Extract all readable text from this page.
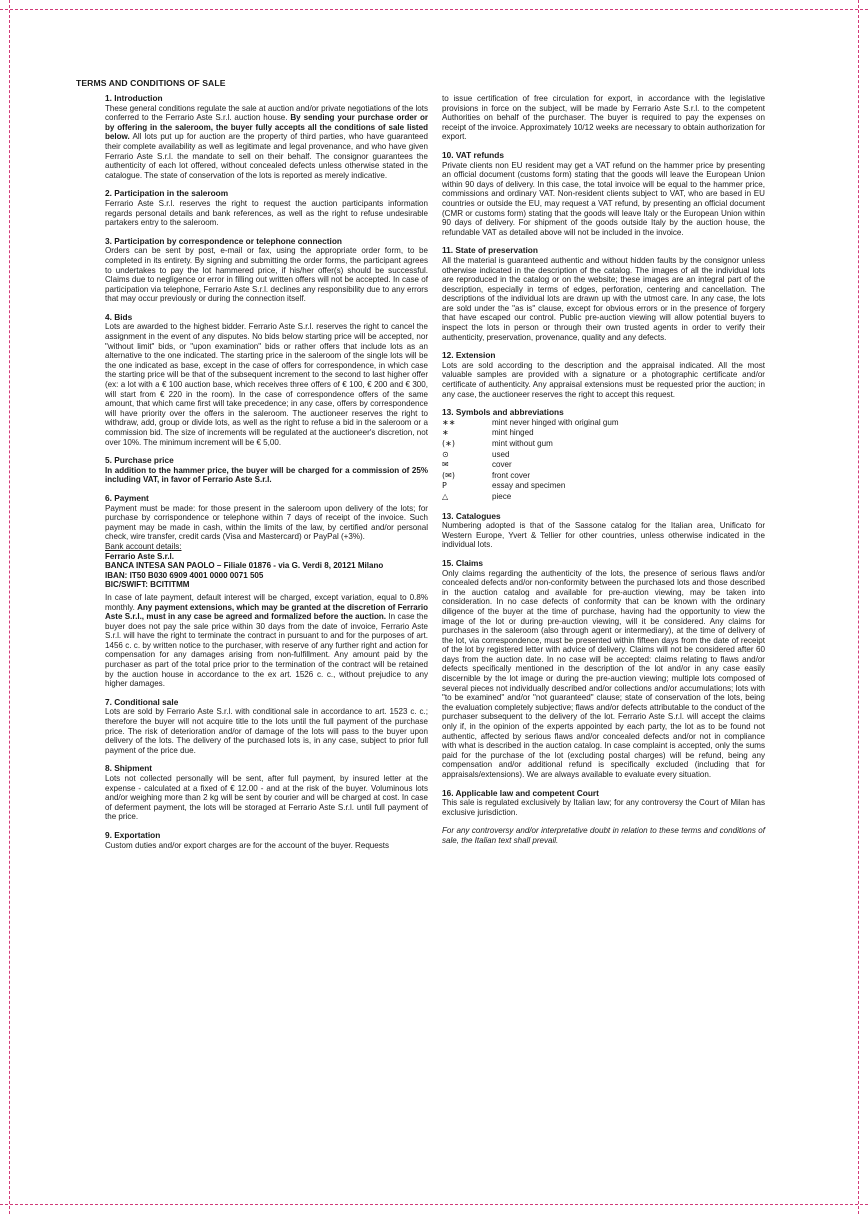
TERMS AND CONDITIONS OF SALE

1. Introduction

These general conditions regulate the sale at auction and/or private negotiations of the lots conferred to the Ferrario Aste S.r.l. auction house. By sending your purchase order or by offering in the saleroom, the buyer fully accepts all the conditions of sale listed below. All lots put up for auction are the property of third parties, who have guaranteed their complete availability as well as legitimate and legal provenance, and who have given Ferrario Aste S.r.l. the mandate to sell on their behalf. The consignor guarantees the authenticity of each lot offered, without concealed defects unless otherwise stated in the catalogue. The state of conservation of the lots is reported as merely indicative.

2. Participation in the saleroom

Ferrario Aste S.r.l. reserves the right to request the auction participants information regards personal details and bank references, as well as the right to refuse undesirable partakers entry to the saleroom.

3. Participation by correspondence or telephone connection

Orders can be sent by post, e-mail or fax, using the appropriate order form, to be completed in its entirety. By signing and submitting the order forms, the participant agrees to undertakes to pay the lot hammered price, if his/her offer(s) should be successful. Claims due to negligence or error in filling out written offers will not be accepted. In case of participation via telephone, Ferrario Aste S.r.l. declines any responsibility due to any errors that may occur previously or during the connection itself.

4. Bids

Lots are awarded to the highest bidder. Ferrario Aste S.r.l. reserves the right to cancel the assignment in the event of any disputes. No bids below starting price will be accepted, nor "without limit" bids, or "upon examination" bids or rather offers that include lots as an alternative to the one indicated. The starting price in the saleroom of the single lots will be the one indicated as base, except in the case of offers for correspondence, in which case the starting price will be that of the subsequent increment to the second to last higher offer (ex: a lot with a € 100 auction base, which receives three offers of € 100, € 200 and € 300, will start from € 220 in the room). In the case of correspondence offers of the same amount, that which came first will take precedence; in any case, offers by correspondence will have priority over the offers in the saleroom. The auctioneer reserves the right to withdraw, add, group or divide lots, as well as the right to refuse a bid in the saleroom or a commission bid. The size of increments will be regulated at the auctioneer's discretion, not over 10%. The minimum increment will be € 5,00.

5. Purchase price

In addition to the hammer price, the buyer will be charged for a commission of 25% including VAT, in favor of Ferrario Aste S.r.l.

6. Payment

Payment must be made: for those present in the saleroom upon delivery of the lots; for purchase by corrispondence or telephone within 7 days of receipt of the invoice. Such payment may be made in cash, within the limits of the law, by certified and/or personal check, wire transfer, credit cards (Visa and Mastercard) or PayPal (+3%).

Bank account details:

Ferrario Aste S.r.l.

BANCA INTESA SAN PAOLO – Filiale 01876 - via G. Verdi 8, 20121 Milano

IBAN: IT50 B030 6909 4001 0000 0071 505

BIC/SWIFT: BCITITMM

In case of late payment, default interest will be charged, except variation, equal to 0.8% monthly. Any payment extensions, which may be granted at the discretion of Ferrario Aste S.r.l., must in any case be agreed and formalized before the auction. In case the buyer does not pay the sale price within 30 days from the date of invoice, Ferrario Aste S.r.l. will have the right to terminate the contract in pursuant to and for the purposes of art. 1456 c. c. by written notice to the purchaser, with reserve of any further right and action for compensation for any damages arising from non-fulfillment. Any amount paid by the purchaser as part of the total price prior to the termination of the contract will be retained by the auction house in accordance to the ex art. 1526 c. c., without prejudice to any higher damages.

7. Conditional sale

Lots are sold by Ferrario Aste S.r.l. with conditional sale in accordance to art. 1523 c. c.; therefore the buyer will not acquire title to the lots until the full payment of the purchase price. The risk of deterioration and/or of damage of the lots will pass to the buyer upon delivery of the lots. The delivery of the purchased lots is, in any case, subject to prior full payment of the price due.

8. Shipment

Lots not collected personally will be sent, after full payment, by insured letter at the expense - calculated at a fixed of € 12.00 - and at the risk of the buyer. Voluminous lots and/or weighing more than 2 kg will be sent by courier and will be charged at cost. In case of deferment payment, the lots will be storaged at Ferrario Aste S.r.l. until full payment of the price.

9. Exportation

Custom duties and/or export charges are for the account of the buyer. Requests

to issue certification of free circulation for export, in accordance with the legislative provisions in force on the subject, will be made by Ferrario Aste S.r.l. to the competent Authorities on behalf of the purchaser. The buyer is required to pay the expenses on receipt of the invoice. Approximately 10/12 weeks are necessary to obtain authorization for export.

10. VAT refunds

Private clients non EU resident may get a VAT refund on the hammer price by presenting an official document (customs form) stating that the goods will leave the European Union within 90 days of delivery. In this case, the total invoice will be equal to the hammer price, commissions and ordinary VAT. Non-resident clients subject to VAT, who are based in EU countries or outside the EU, may request a VAT refund, by presenting an official document (CMR or customs form) stating that the goods will leave Italy or the European Union within 90 days of delivery. For shipment of the goods outside Italy by the auction house, the refundable VAT as detailed above will not be included in the invoice.

11. State of preservation

All the material is guaranteed authentic and without hidden faults by the consignor unless otherwise indicated in the description of the catalog. The images of all the individual lots are reproduced in the catalog or on the website; these images are an integral part of the description, especially in terms of edges, perforation, centering and cancellation. The descriptions of the individual lots are drawn up with the utmost care. In any case, the lots are sold under the "as is" clause, except for obvious errors or in the presence of forgery that have escaped our control. Public pre-auction viewing will allow potential buyers to inspect the lots in person or through their own trusted agents in order to verify their authenticity, preservation, provenance, quality and any defects.

12. Extension

Lots are sold according to the description and the appraisal indicated. All the most valuable samples are provided with a signature or a photographic certificate and/or certificate of authenticity. Any appraisal extensions must be requested prior the auction; in any case, the auctioneer reserves the right to accept this request.

13. Symbols and abbreviations

∗∗	mint never hinged with original gum
∗	mint hinged
(∗)	mint without gum
⊙	used
✉	cover
(✉)	front cover
P	essay and specimen
△	piece

13. Catalogues

Numbering adopted is that of the Sassone catalog for the Italian area, Unificato for Western Europe, Yvert & Tellier for other countries, unless otherwise indicated in the individual lots.

15. Claims

Only claims regarding the authenticity of the lots, the presence of serious flaws and/or concealed defects and/or non-conformity between the purchased lots and those described in the auction catalog and available for pre-auction viewing, may be taken into consideration. In no case defects of conformity that can be known with the ordinary diligence of the buyer at the time of purchase, having had the opportunity to view the image of the lot or during pre-auction viewing, will it be considered. Any claims for purchases in the saleroom (also through agent or intermediary), at the time of delivery of the lot, via correspondence, must be presented within fifteen days from the date of receipt of the lot by registered letter with advice of delivery. Claims will not be considered after 60 days from the auction date. In no case will be accepted: claims relating to flaws and/or defects specifically mentioned in the description of the lot and/or in any case easily discernible by the lot image or during the pre-auction viewing; multiple lots composed of several pieces not individually described and/or collections and/or accumulations; lots with "to be examined" and/or "not guaranteed" clause; state of conservation of the lots, being the evaluation completely subjective; flaws and/or defects attributable to the conduct of the purchaser subsequent to the delivery of the lot. Ferrario Aste S.r.l. will accept the claims only if, in the opinion of the experts appointed by each party, the lot as to be found not authentic, affected by serious flaws and/or concealed defects and/or not in compliance with what is described in the auction catalog. In case complaint is accepted, only the sums paid for the purchase of the lot (excluding postal charges) will be refund, being any compensation and/or additional refund is specifically excluded (including that for appraisals/extensions). We are always available to evaluate every situation.

16. Applicable law and competent Court

This sale is regulated exclusively by Italian law; for any controversy the Court of Milan has exclusive jurisdiction.

For any controversy and/or interpretative doubt in relation to these terms and conditions of sale, the Italian text shall prevail.
